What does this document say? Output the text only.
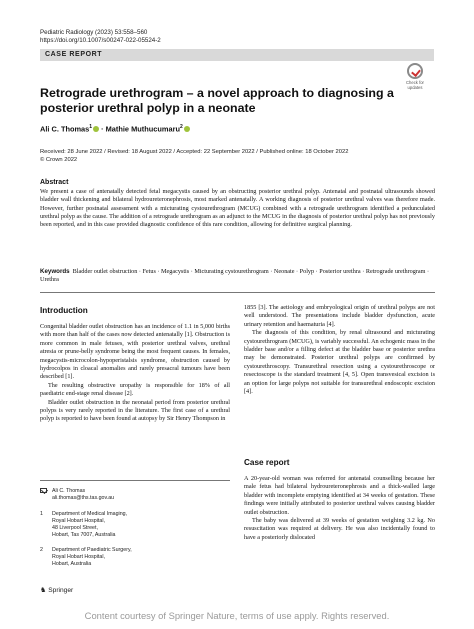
Pediatric Radiology (2023) 53:558–560
https://doi.org/10.1007/s00247-022-05524-2
CASE REPORT
Check for updates
Retrograde urethrogram – a novel approach to diagnosing a posterior urethral polyp in a neonate
Ali C. Thomas$^1$ · Mathie Muthucumaru$^2$
Received: 28 June 2022 / Revised: 18 August 2022 / Accepted: 22 September 2022 / Published online: 18 October 2022
© Crown 2022
Abstract
We present a case of antenatally detected fetal megacystis caused by an obstructing posterior urethral polyp. Antenatal and postnatal ultrasounds showed bladder wall thickening and bilateral hydroureteronephrosis, most marked antenatally. A working diagnosis of posterior urethral valves was therefore made. However, further postnatal assessment with a micturating cystourethrogram (MCUG) combined with a retrograde urethrogram identified a pedunculated urethral polyp as the cause. The addition of a retrograde urethrogram as an adjunct to the MCUG in the diagnosis of posterior urethral polyp has not previously been reported, and in this case provided diagnostic confidence of this rare condition, allowing for definitive surgical planning.
Keywords Bladder outlet obstruction · Fetus · Megacystis · Micturating cystourethrogram · Neonate · Polyp · Posterior urethra · Retrograde urethrogram · Urethra
Introduction

Congenital bladder outlet obstruction has an incidence of 1.1 in 5,000 births with more than half of the cases now detected antenatally [1]. Obstruction is more common in male fetuses, with posterior urethral valves, urethral atresia or prune-belly syndrome being the most frequent causes. In females, megacystis-microcolon-hypoperistalsis syndrome, obstruction caused by hydrocolpos in cloacal anomalies and rarely presacral tumours have been described [1].

The resulting obstructive uropathy is responsible for 18% of all paediatric end-stage renal disease [2].

Bladder outlet obstruction in the neonatal period from posterior urethral polyps is very rarely reported in the literature. The first case of a urethral polyp is reported to have been found at autopsy by Sir Henry Thompson in

1855 [3]. The aetiology and embryological origin of urethral polyps are not well understood. The presentations include bladder dysfunction, acute urinary retention and haematuria [4].

The diagnosis of this condition, by renal ultrasound and micturating cystourethrogram (MCUG), is variably successful. An echogenic mass in the bladder base and/or a filling defect at the bladder base or posterior urethra may be demonstrated. Posterior urethral polyps are confirmed by cystourethroscopy. Transurethral resection using a cystourethroscope or resectoscope is the standard treatment [4, 5]. Open transvesical excision is an option for large polyps not suitable for transurethral endoscopic excision [4].

Case report

A 20-year-old woman was referred for antenatal counselling because her male fetus had bilateral hydroureteronephrosis and a thick-walled large bladder with incomplete emptying identified at 34 weeks of gestation. These findings were initially attributed to posterior urethral valves causing bladder outlet obstruction.

The baby was delivered at 39 weeks of gestation weighing 3.2 kg. No resuscitation was required at delivery. He was also incidentally found to have a posteriorly dislocated

Ali C. Thomas
ali.thomas@ths.tas.gov.au
1 Department of Medical Imaging,
Royal Hobart Hospital,
48 Liverpool Street,
Hobart, Tas 7007, Australia
2 Department of Paediatric Surgery,
Royal Hobart Hospital,
Hobart, Australia
♞ Springer
Content courtesy of Springer Nature, terms of use apply. Rights reserved.
